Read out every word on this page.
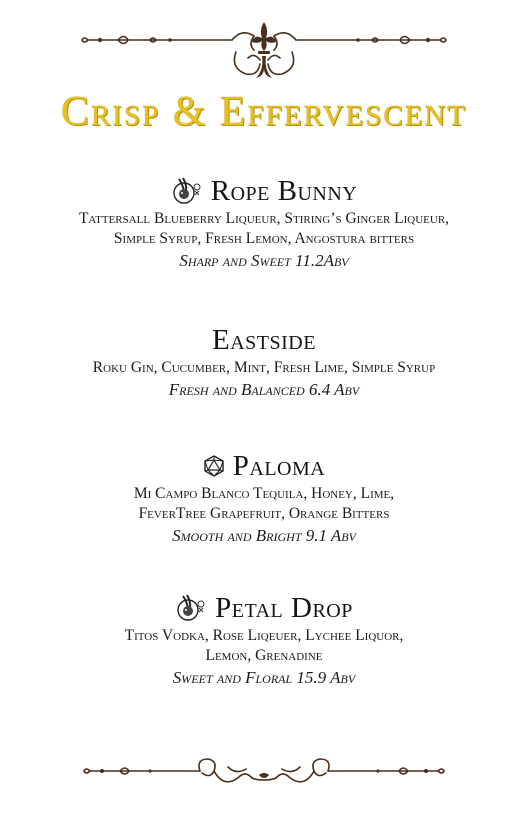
Crisp & Effervescent
Rope Bunny
Tattersall Blueberry Liqueur, Stiring’s Ginger Liqueur,
Simple Syrup, Fresh Lemon, Angostura bitters
Sharp and Sweet 11.2Abv
Eastside
Roku Gin, Cucumber, Mint, Fresh Lime, Simple Syrup
Fresh and Balanced 6.4 Abv
Paloma
Mi Campo Blanco Tequila, Honey, Lime,
FeverTree Grapefruit, Orange Bitters
Smooth and Bright 9.1 Abv
Petal Drop
Titos Vodka, Rose Liqeuer, Lychee Liquor,
Lemon, Grenadine
Sweet and Floral 15.9 Abv
